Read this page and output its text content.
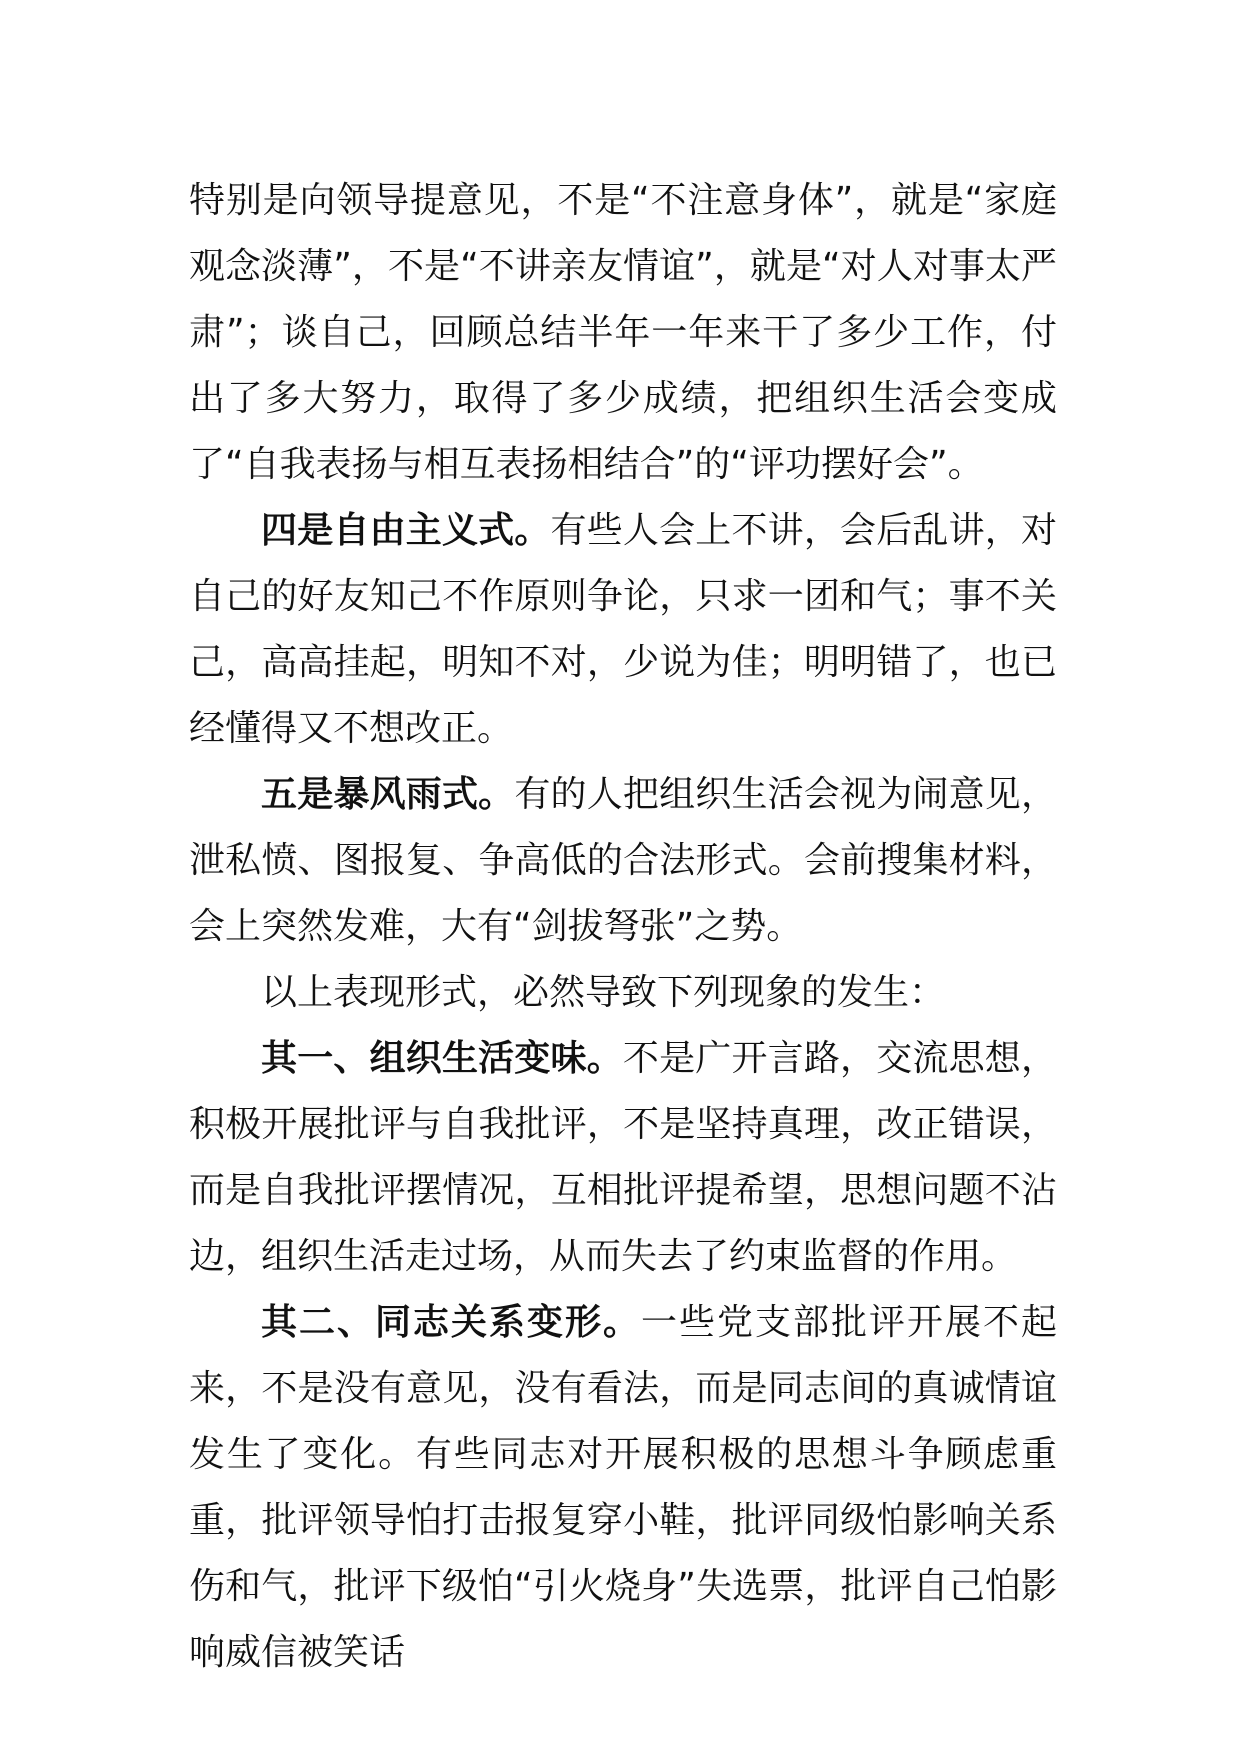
特别是向领导提意见，不是“不注意身体”，就是“家庭观念淡薄”，不是“不讲亲友情谊”，就是“对人对事太严肃”；谈自己，回顾总结半年一年来干了多少工作，付出了多大努力，取得了多少成绩，把组织生活会变成了“自我表扬与相互表扬相结合”的“评功摆好会”。

四是自由主义式。有些人会上不讲，会后乱讲，对自己的好友知己不作原则争论，只求一团和气；事不关己，高高挂起，明知不对，少说为佳；明明错了，也已经懂得又不想改正。

五是暴风雨式。有的人把组织生活会视为闹意见，泄私愤、图报复、争高低的合法形式。会前搜集材料，会上突然发难，大有“剑拔弩张”之势。

以上表现形式，必然导致下列现象的发生：

其一、组织生活变味。不是广开言路，交流思想，积极开展批评与自我批评，不是坚持真理，改正错误，而是自我批评摆情况，互相批评提希望，思想问题不沾边，组织生活走过场，从而失去了约束监督的作用。

其二、同志关系变形。一些党支部批评开展不起来，不是没有意见，没有看法，而是同志间的真诚情谊发生了变化。有些同志对开展积极的思想斗争顾虑重重，批评领导怕打击报复穿小鞋，批评同级怕影响关系伤和气，批评下级怕“引火烧身”失选票，批评自己怕影响威信被笑话
